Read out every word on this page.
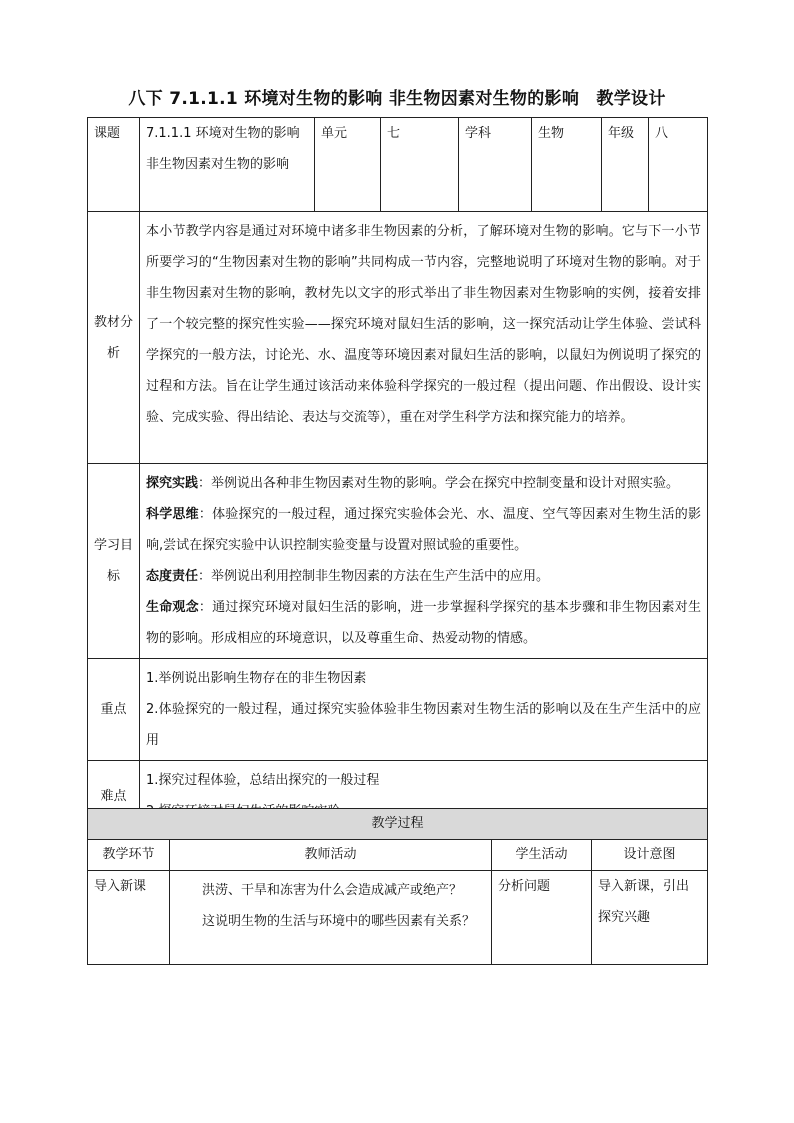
八下 7.1.1.1 环境对生物的影响 非生物因素对生物的影响　教学设计
课题	7.1.1.1 环境对生物的影响 非生物因素对生物的影响	单元	七	学科	生物	年级	八
教材分析	本小节教学内容是通过对环境中诸多非生物因素的分析，了解环境对生物的影响。它与下一小节所要学习的“生物因素对生物的影响”共同构成一节内容，完整地说明了环境对生物的影响。对于非生物因素对生物的影响，教材先以文字的形式举出了非生物因素对生物影响的实例，接着安排了一个较完整的探究性实验——探究环境对鼠妇生活的影响，这一探究活动让学生体验、尝试科学探究的一般方法，讨论光、水、温度等环境因素对鼠妇生活的影响，以鼠妇为例说明了探究的过程和方法。旨在让学生通过该活动来体验科学探究的一般过程（提出问题、作出假设、设计实验、完成实验、得出结论、表达与交流等），重在对学生科学方法和探究能力的培养。						
学习目标	探究实践：举例说出各种非生物因素对生物的影响。学会在探究中控制变量和设计对照实验。

科学思维：体验探究的一般过程，通过探究实验体会光、水、温度、空气等因素对生物生活的影响,尝试在探究实验中认识控制实验变量与设置对照试验的重要性。

态度责任：举例说出利用控制非生物因素的方法在生产生活中的应用。

生命观念：通过探究环境对鼠妇生活的影响，进一步掌握科学探究的基本步骤和非生物因素对生物的影响。形成相应的环境意识，以及尊重生命、热爱动物的情感。						

重点	1.举例说出影响生物存在的非生物因素

2.体验探究的一般过程，通过探究实验体验非生物因素对生物生活的影响以及在生产生活中的应用						

难点	1.探究过程体验，总结出探究的一般过程						

教学过程			
教学环节	教师活动	学生活动	设计意图
导入新课	洪涝、干旱和冻害为什么会造成减产或绝产？

这说明生物的生活与环境中的哪些因素有关系？	分析问题	导入新课，引出探究兴趣
